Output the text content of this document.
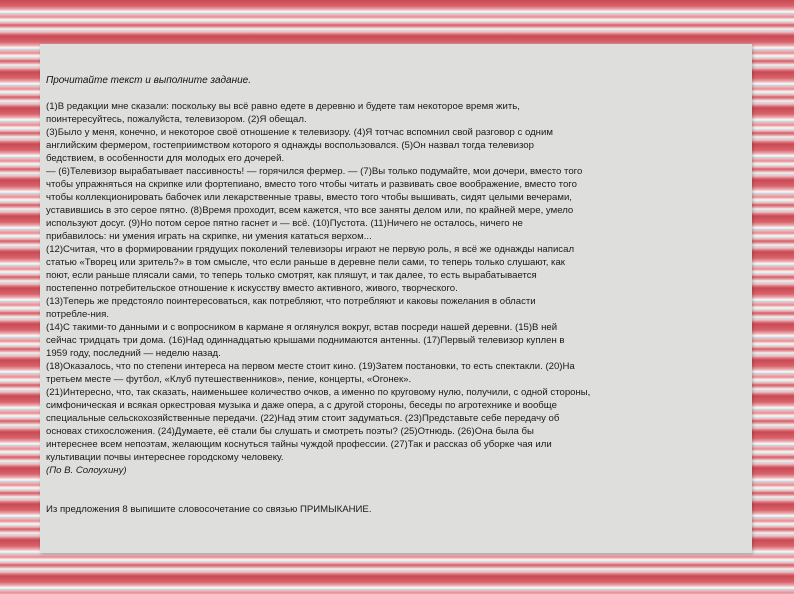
Прочитайте текст и выполните задание.
(1)В редакции мне сказали: поскольку вы всё равно едете в деревню и будете там некоторое время жить,
поинтересуйтесь, пожалуйста, телевизором. (2)Я обещал.
(3)Было у меня, конечно, и некоторое своё отношение к телевизору. (4)Я тотчас вспомнил свой разговор с одним
английским фермером, гостеприимством которого я однажды воспользовался. (5)Он назвал тогда телевизор
бедствием, в особенности для молодых его дочерей.
— (6)Телевизор вырабатывает пассивность! — горячился фермер. — (7)Вы только подумайте, мои дочери, вместо того
чтобы упражняться на скрипке или фортепиано, вместо того чтобы читать и развивать свое воображение, вместо того
чтобы коллекционировать бабочек или лекарственные травы, вместо того чтобы вышивать, сидят целыми вечерами,
уставившись в это серое пятно. (8)Время проходит, всем кажется, что все заняты делом или, по крайней мере, умело
используют досуг. (9)Но потом серое пятно гаснет и — всё. (10)Пустота. (11)Ничего не осталось, ничего не
прибавилось: ни умения играть на скрипке, ни умения кататься верхом...
(12)Считая, что в формировании грядущих поколений телевизоры играют не первую роль, я всё же однажды написал
статью «Творец или зритель?» в том смысле, что если раньше в деревне пели сами, то теперь только слушают, как
поют, если раньше плясали сами, то теперь только смотрят, как пляшут, и так далее, то есть вырабатывается
постепенно потребительское отношение к искусству вместо активного, живого, творческого.
(13)Теперь же предстояло поинтересоваться, как потребляют, что потребляют и каковы пожелания в области
потребле-ния.
(14)С такими-то данными и с вопросником в кармане я оглянулся вокруг, встав посреди нашей деревни. (15)В ней
сейчас тридцать три дома. (16)Над одиннадцатью крышами поднимаются антенны. (17)Первый телевизор куплен в
1959 году, последний — неделю назад.
(18)Оказалось, что по степени интереса на первом месте стоит кино. (19)Затем постановки, то есть спектакли. (20)На
третьем месте — футбол, «Клуб путешественников», пение, концерты, «Огонек».
(21)Интересно, что, так сказать, наименьшее количество очков, а именно по круговому нулю, получили, с одной стороны,
симфоническая и всякая оркестровая музыка и даже опера, а с другой стороны, беседы по агротехнике и вообще
специальные сельскохозяйственные передачи. (22)Над этим стоит задуматься. (23)Представьте себе передачу об
основах стихосложения. (24)Думаете, её стали бы слушать и смотреть поэты? (25)Отнюдь. (26)Она была бы
интереснее всем непоэтам, желающим коснуться тайны чуждой профессии. (27)Так и рассказ об уборке чая или
культивации почвы интереснее городскому человеку.
(По В. Солоухину)
Из предложения 8 выпишите словосочетание со связью ПРИМЫКАНИЕ.
